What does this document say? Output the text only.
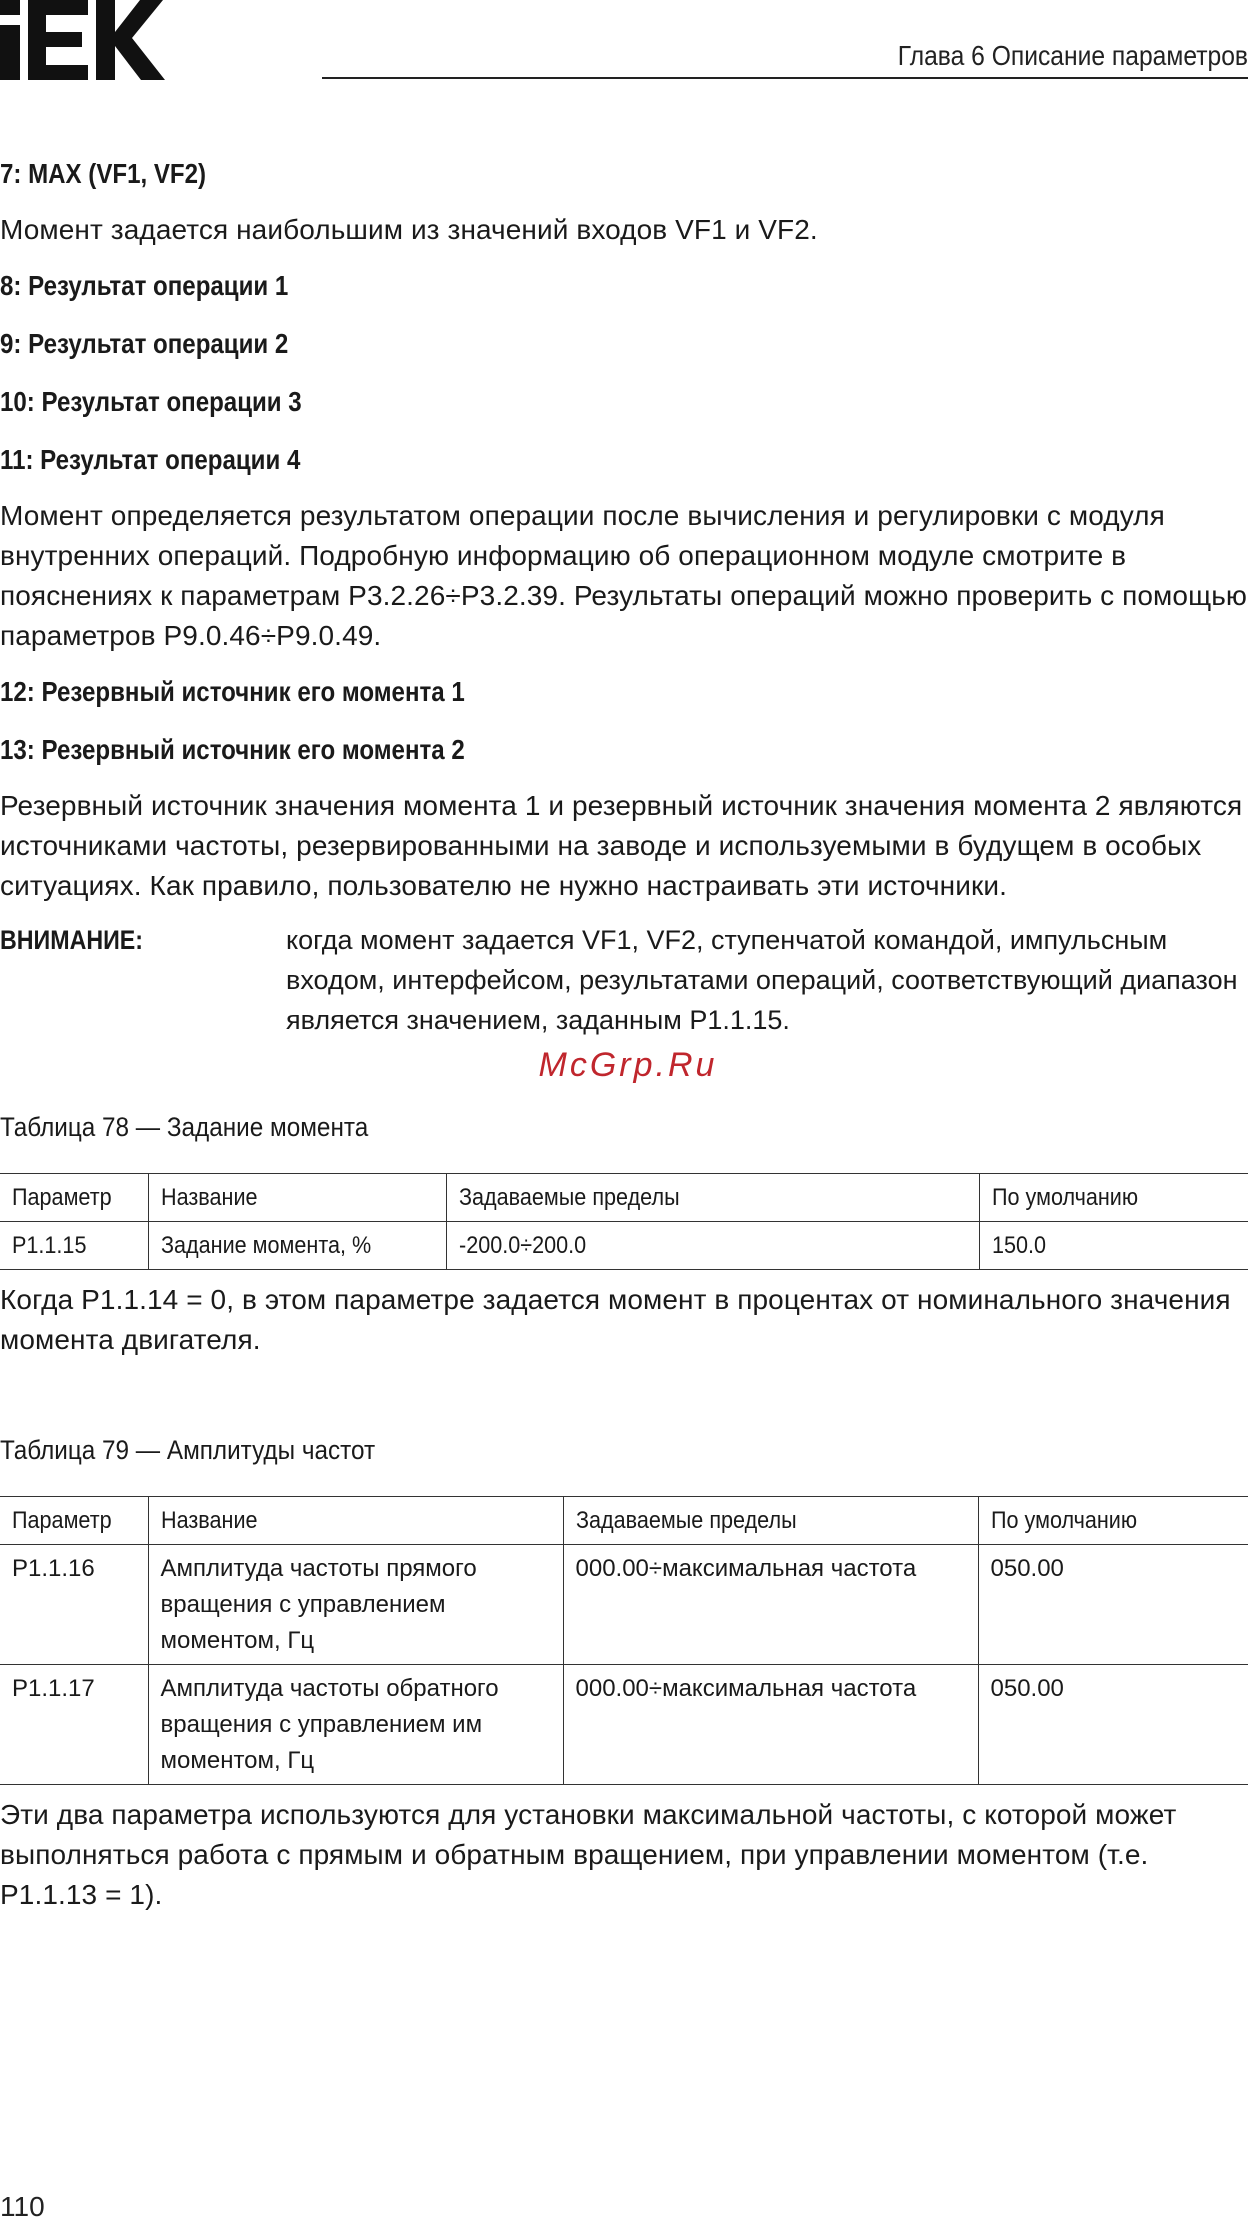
Глава 6 Описание параметров
7: MAX (VF1, VF2)
Момент задается наибольшим из значений входов VF1 и VF2.
8: Результат операции 1
9: Результат операции 2
10: Результат операции 3
11: Результат операции 4
Момент определяется результатом операции после вычисления и регулировки с модуля внутренних операций. Подробную информацию об операционном модуле смотрите в пояснениях к параметрам P3.2.26÷P3.2.39. Результаты операций можно проверить с помощью параметров P9.0.46÷P9.0.49.
12: Резервный источник его момента 1
13: Резервный источник его момента 2
Резервный источник значения момента 1 и резервный источник значения момента 2 являются источниками частоты, резервированными на заводе и используемыми в будущем в особых ситуациях. Как правило, пользователю не нужно настраивать эти источники.
ВНИМАНИЕ:	когда момент задается VF1, VF2, ступенчатой командой, импульсным входом, интерфейсом, результатами операций, соответствующий диапазон является значением, заданным P1.1.15.
McGrp.Ru
Таблица 78 — Задание момента
Параметр	Название	Задаваемые пределы	По умолчанию
P1.1.15	Задание момента, %	-200.0÷200.0	150.0
Когда P1.1.14 = 0, в этом параметре задается момент в процентах от номинального значения момента двигателя.
Таблица 79 — Амплитуды частот
Параметр	Название	Задаваемые пределы	По умолчанию
P1.1.16	Амплитуда частоты прямого вращения с управлением моментом, Гц	000.00÷максимальная частота	050.00
P1.1.17	Амплитуда частоты обратного вращения с управлением им моментом, Гц	000.00÷максимальная частота	050.00
Эти два параметра используются для установки максимальной частоты, с которой может выполняться работа с прямым и обратным вращением, при управлении моментом (т.е. P1.1.13 = 1).
110
